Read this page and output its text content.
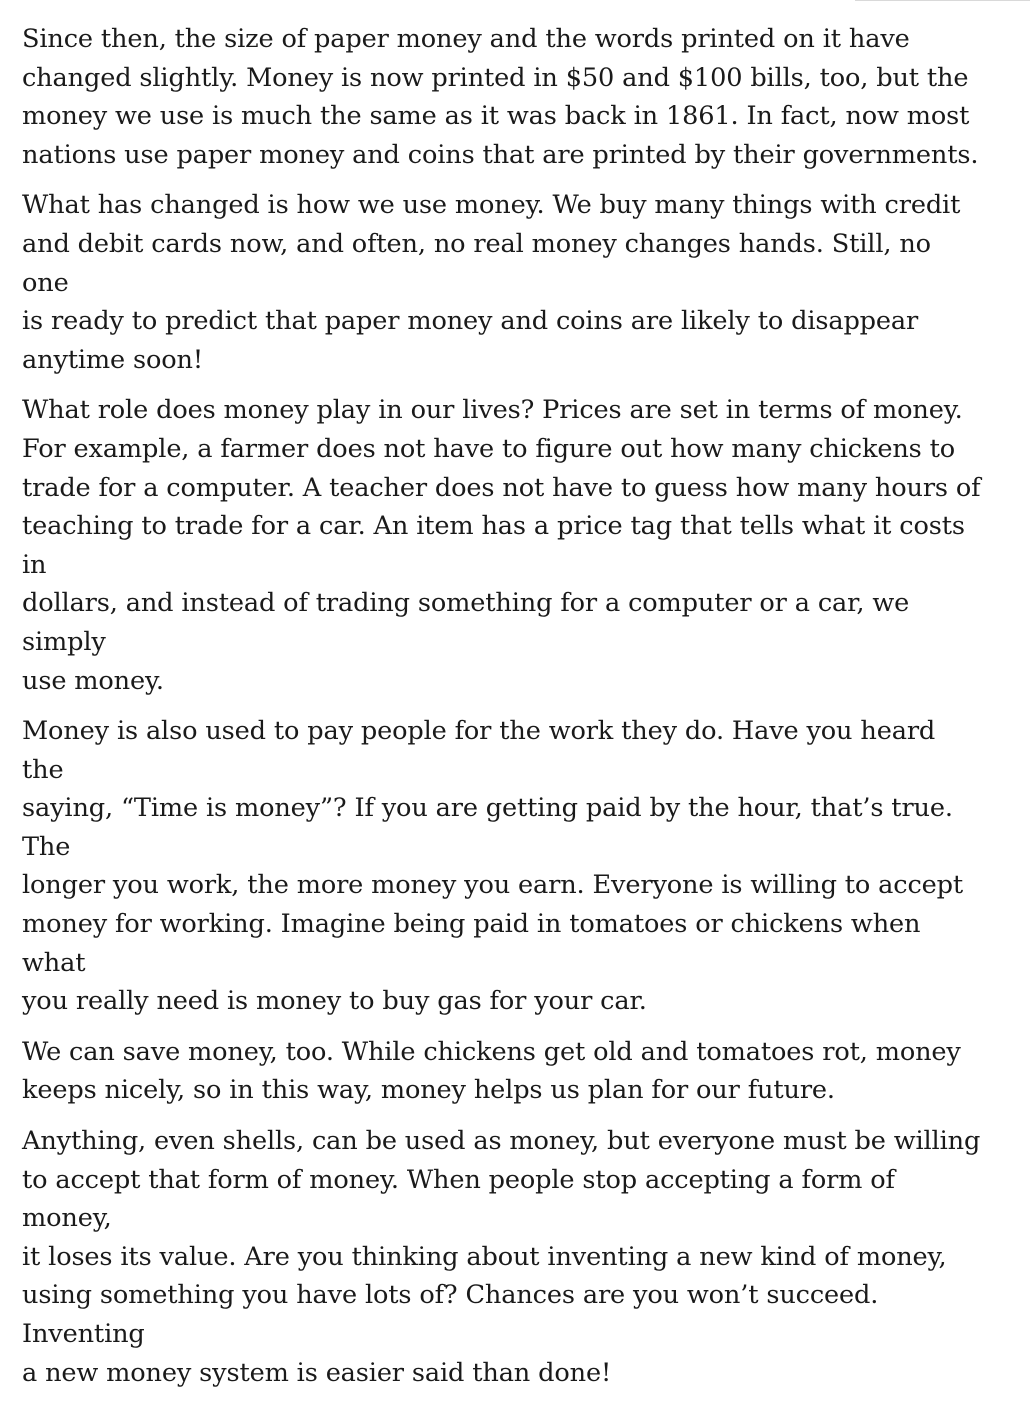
Since then, the size of paper money and the words printed on it have
changed slightly. Money is now printed in $50 and $100 bills, too, but the
money we use is much the same as it was back in 1861. In fact, now most
nations use paper money and coins that are printed by their governments.

What has changed is how we use money. We buy many things with credit
and debit cards now, and often, no real money changes hands. Still, no one
is ready to predict that paper money and coins are likely to disappear
anytime soon!

What role does money play in our lives? Prices are set in terms of money.
For example, a farmer does not have to figure out how many chickens to
trade for a computer. A teacher does not have to guess how many hours of
teaching to trade for a car. An item has a price tag that tells what it costs in
dollars, and instead of trading something for a computer or a car, we simply
use money.

Money is also used to pay people for the work they do. Have you heard the
saying, “Time is money”? If you are getting paid by the hour, that’s true. The
longer you work, the more money you earn. Everyone is willing to accept
money for working. Imagine being paid in tomatoes or chickens when what
you really need is money to buy gas for your car.

We can save money, too. While chickens get old and tomatoes rot, money
keeps nicely, so in this way, money helps us plan for our future.

Anything, even shells, can be used as money, but everyone must be willing
to accept that form of money. When people stop accepting a form of money,
it loses its value. Are you thinking about inventing a new kind of money,
using something you have lots of? Chances are you won’t succeed. Inventing
a new money system is easier said than done!
